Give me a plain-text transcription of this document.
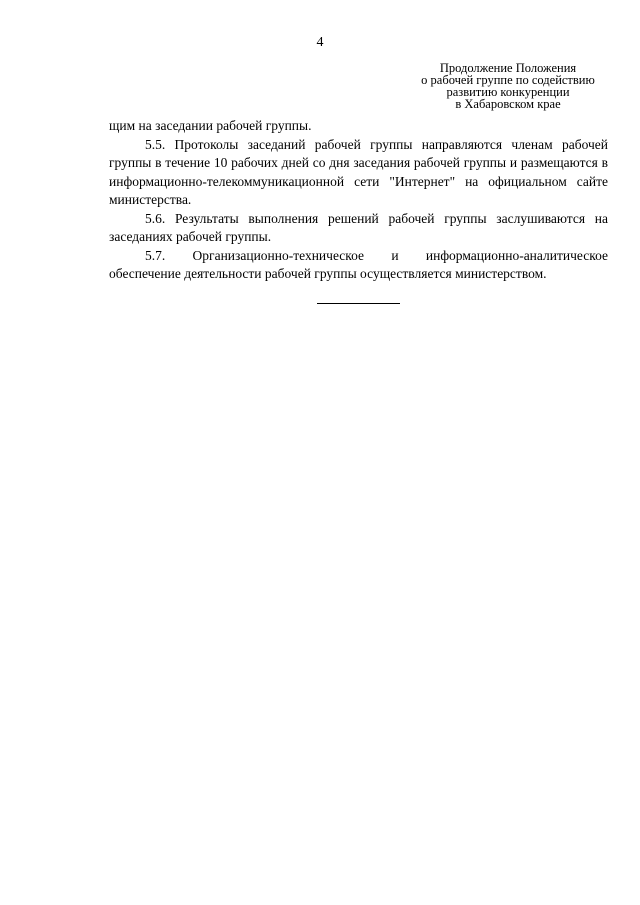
4
Продолжение Положения
о рабочей группе по содействию
развитию конкуренции
в Хабаровском крае

щим на заседании рабочей группы.

5.5. Протоколы заседаний рабочей группы направляются членам рабочей группы в течение 10 рабочих дней со дня заседания рабочей группы и размещаются в информационно-телекоммуникационной сети "Интернет" на официальном сайте министерства.

5.6. Результаты выполнения решений рабочей группы заслушиваются на заседаниях рабочей группы.

5.7. Организационно-техническое и информационно-аналитическое обеспечение деятельности рабочей группы осуществляется министерством.
